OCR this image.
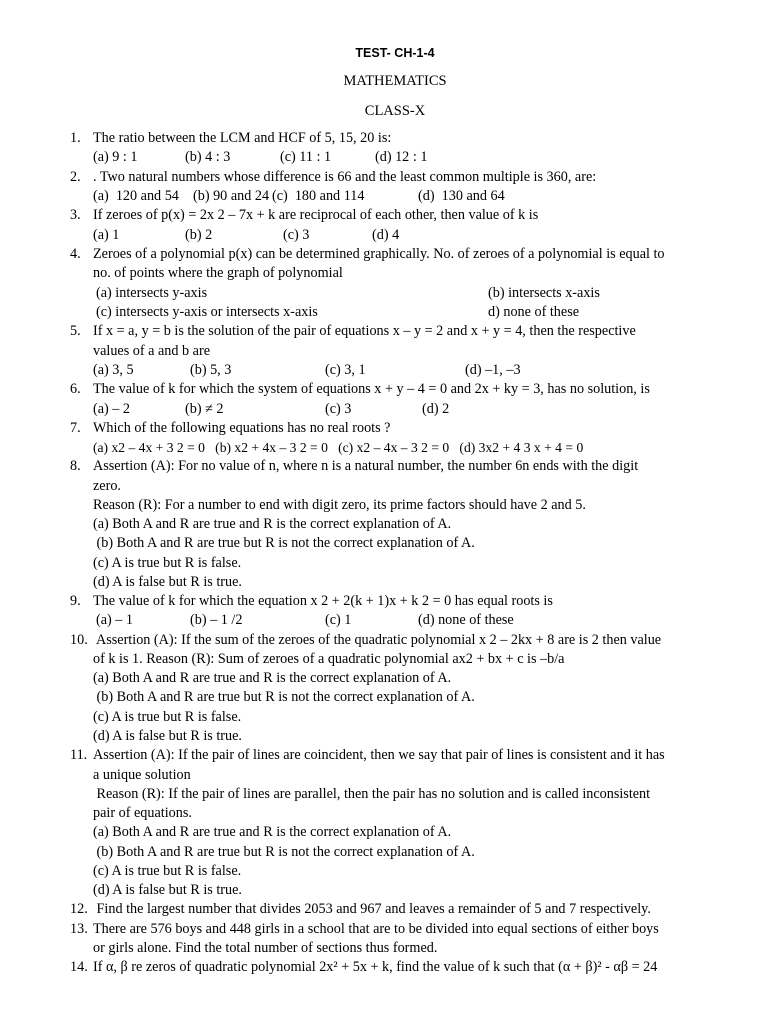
TEST- CH-1-4
MATHEMATICS
CLASS-X
1. The ratio between the LCM and HCF of 5, 15, 20 is:
(a) 9 : 1	(b) 4 : 3	(c) 11 : 1	(d) 12 : 1
2. . Two natural numbers whose difference is 66 and the least common multiple is 360, are:
(a)  120 and 54 (b) 90 and 24 (c)  180 and 114	(d)  130 and 64
3. If zeroes of p(x) = 2x 2 – 7x + k are reciprocal of each other, then value of k is
(a) 1	(b) 2	(c) 3	(d) 4
4. Zeroes of a polynomial p(x) can be determined graphically. No. of zeroes of a polynomial is equal to
no. of points where the graph of polynomial
(a) intersects y-axis	(b) intersects x-axis
(c) intersects y-axis or intersects x-axis	d) none of these
5. If x = a, y = b is the solution of the pair of equations x – y = 2 and x + y = 4, then the respective
values of a and b are
(a) 3, 5	(b) 5, 3	(c) 3, 1	(d) –1, –3
6. The value of k for which the system of equations x + y – 4 = 0 and 2x + ky = 3, has no solution, is
(a) – 2	(b) ≠ 2	(c) 3	(d) 2
7. Which of the following equations has no real roots ?
(a) x2 – 4x + 3 2 = 0   (b) x2 + 4x – 3 2 = 0   (c) x2 – 4x – 3 2 = 0   (d) 3x2 + 4 3 x + 4 = 0
8. Assertion (A): For no value of n, where n is a natural number, the number 6n ends with the digit
zero.
Reason (R): For a number to end with digit zero, its prime factors should have 2 and 5.
(a) Both A and R are true and R is the correct explanation of A.
(b) Both A and R are true but R is not the correct explanation of A.
(c) A is true but R is false.
(d) A is false but R is true.
9. The value of k for which the equation x 2 + 2(k + 1)x + k 2 = 0 has equal roots is
(a) – 1	(b) – 1 /2	(c) 1	(d) none of these
10. Assertion (A): If the sum of the zeroes of the quadratic polynomial x 2 – 2kx + 8 are is 2 then value
of k is 1. Reason (R): Sum of zeroes of a quadratic polynomial ax2 + bx + c is –b/a
(a) Both A and R are true and R is the correct explanation of A.
(b) Both A and R are true but R is not the correct explanation of A.
(c) A is true but R is false.
(d) A is false but R is true.
11. Assertion (A): If the pair of lines are coincident, then we say that pair of lines is consistent and it has
a unique solution
Reason (R): If the pair of lines are parallel, then the pair has no solution and is called inconsistent
pair of equations.
(a) Both A and R are true and R is the correct explanation of A.
(b) Both A and R are true but R is not the correct explanation of A.
(c) A is true but R is false.
(d) A is false but R is true.
12. Find the largest number that divides 2053 and 967 and leaves a remainder of 5 and 7 respectively.
13. There are 576 boys and 448 girls in a school that are to be divided into equal sections of either boys
or girls alone. Find the total number of sections thus formed.
14. If α, β re zeros of quadratic polynomial 2x² + 5x + k, find the value of k such that (α + β)² - αβ = 24
